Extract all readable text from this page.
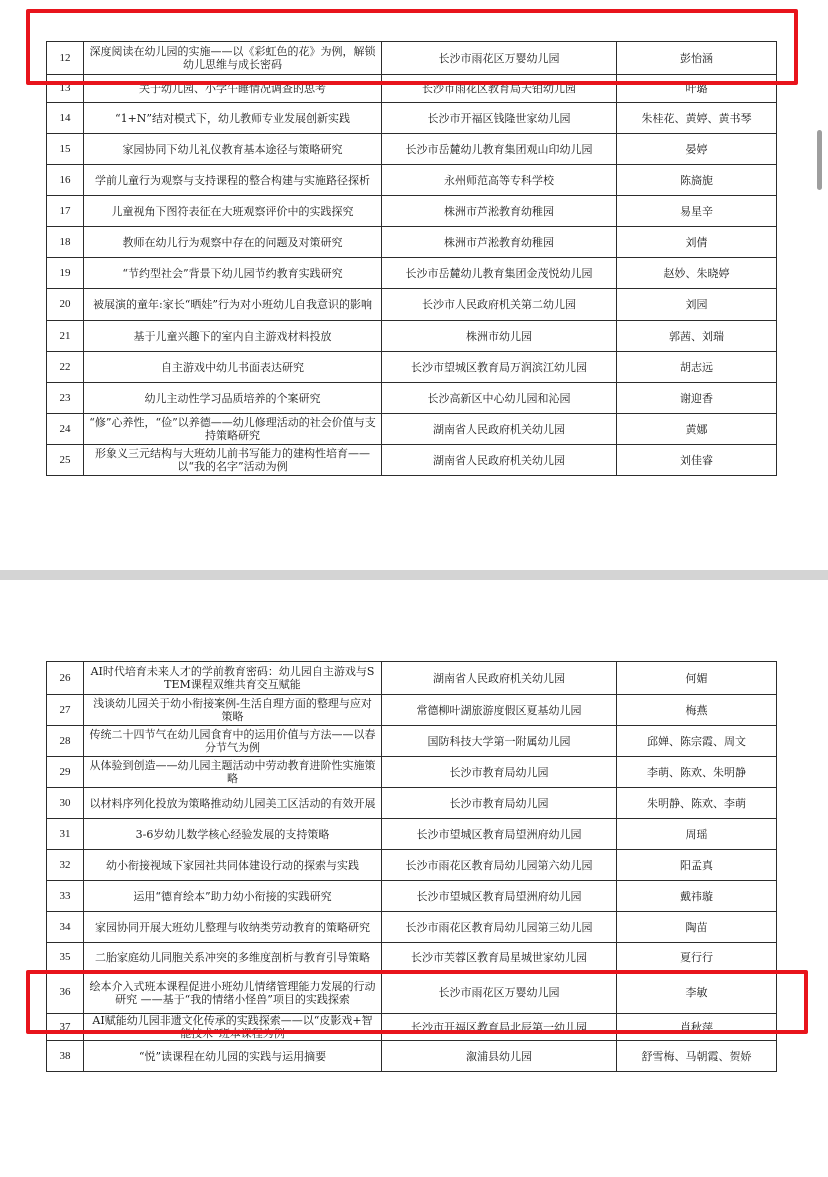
12	深度阅读在幼儿园的实施——以《彩虹色的花》为例，解锁幼儿思维与成长密码	长沙市雨花区万婴幼儿园	彭怡涵
13	关于幼儿园、小学午睡情况调查的思考	长沙市雨花区教育局天铂幼儿园	叶璐
14	“1+N”结对模式下，幼儿教师专业发展创新实践	长沙市开福区钱隆世家幼儿园	朱桂花、黄婷、黄书琴
15	家园协同下幼儿礼仪教育基本途径与策略研究	长沙市岳麓幼儿教育集团观山印幼儿园	晏婷
16	学前儿童行为观察与支持课程的整合构建与实施路径探析	永州师范高等专科学校	陈旖旎
17	儿童视角下图符表征在大班观察评价中的实践探究	株洲市芦淞教育幼稚园	易星辛
18	教师在幼儿行为观察中存在的问题及对策研究	株洲市芦淞教育幼稚园	刘倩
19	“节约型社会”背景下幼儿园节约教育实践研究	长沙市岳麓幼儿教育集团金茂悦幼儿园	赵妙、朱晓婷
20	被展演的童年:家长“晒娃”行为对小班幼儿自我意识的影响	长沙市人民政府机关第二幼儿园	刘园
21	基于儿童兴趣下的室内自主游戏材料投放	株洲市幼儿园	郭茜、刘瑞
22	自主游戏中幼儿书面表达研究	长沙市望城区教育局万润滨江幼儿园	胡志远
23	幼儿主动性学习品质培养的个案研究	长沙高新区中心幼儿园和沁园	谢迎香
24	“修”心养性，“俭”以养德——幼儿修理活动的社会价值与支持策略研究	湖南省人民政府机关幼儿园	黄娜
25	形象义三元结构与大班幼儿前书写能力的建构性培育——以“我的名字”活动为例	湖南省人民政府机关幼儿园	刘佳睿
26	AI时代培育未来人才的学前教育密码：幼儿园自主游戏与STEM课程双维共育交互赋能	湖南省人民政府机关幼儿园	何媚
27	浅谈幼儿园关于幼小衔接案例-生活自理方面的整理与应对策略	常德柳叶湖旅游度假区夏基幼儿园	梅燕
28	传统二十四节气在幼儿园食育中的运用价值与方法——以春分节气为例	国防科技大学第一附属幼儿园	邱婵、陈宗霞、周文
29	从体验到创造——幼儿园主题活动中劳动教育进阶性实施策略	长沙市教育局幼儿园	李萌、陈欢、朱明静
30	以材料序列化投放为策略推动幼儿园美工区活动的有效开展	长沙市教育局幼儿园	朱明静、陈欢、李萌
31	3-6岁幼儿数学核心经验发展的支持策略	长沙市望城区教育局望洲府幼儿园	周瑶
32	幼小衔接视域下家园社共同体建设行动的探索与实践	长沙市雨花区教育局幼儿园第六幼儿园	阳孟真
33	运用“德育绘本”助力幼小衔接的实践研究	长沙市望城区教育局望洲府幼儿园	戴祎璇
34	家园协同开展大班幼儿整理与收纳类劳动教育的策略研究	长沙市雨花区教育局幼儿园第三幼儿园	陶苗
35	二胎家庭幼儿同胞关系冲突的多维度剖析与教育引导策略	长沙市芙蓉区教育局星城世家幼儿园	夏行行
36	绘本介入式班本课程促进小班幼儿情绪管理能力发展的行动研究 ——基于“我的情绪小怪兽”项目的实践探索	长沙市雨花区万婴幼儿园	李敏
37	AI赋能幼儿园非遗文化传承的实践探索——以“皮影戏+智能技术”班本课程为例	长沙市开福区教育局北辰第一幼儿园	肖秋萍
38	“悦”读课程在幼儿园的实践与运用摘要	溆浦县幼儿园	舒雪梅、马朝霞、贺娇
